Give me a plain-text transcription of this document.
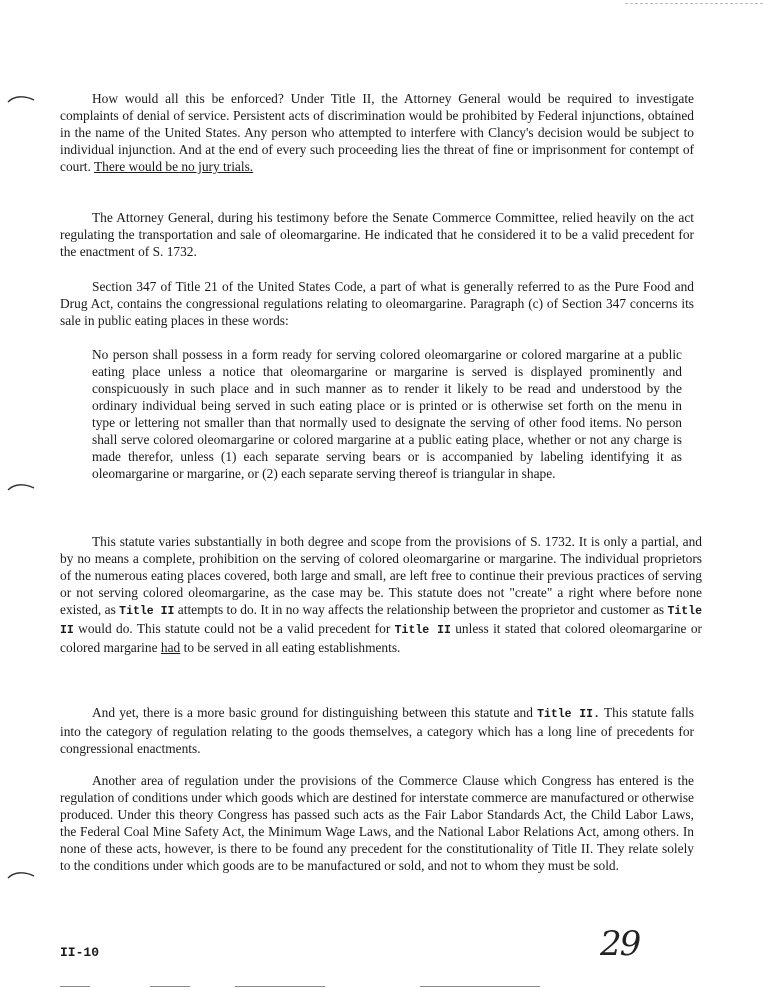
How would all this be enforced? Under Title II, the Attorney General would be required to investigate complaints of denial of service. Persistent acts of discrimination would be prohibited by Federal injunctions, obtained in the name of the United States. Any person who attempted to interfere with Clancy's decision would be subject to individual injunction. And at the end of every such proceeding lies the threat of fine or imprisonment for contempt of court. There would be no jury trials.

The Attorney General, during his testimony before the Senate Commerce Committee, relied heavily on the act regulating the transportation and sale of oleomargarine. He indicated that he considered it to be a valid precedent for the enactment of S. 1732.

Section 347 of Title 21 of the United States Code, a part of what is generally referred to as the Pure Food and Drug Act, contains the congressional regulations relating to oleomargarine. Paragraph (c) of Section 347 concerns its sale in public eating places in these words:

No person shall possess in a form ready for serving colored oleomargarine or colored margarine at a public eating place unless a notice that oleomargarine or margarine is served is displayed prominently and conspicuously in such place and in such manner as to render it likely to be read and understood by the ordinary individual being served in such eating place or is printed or is otherwise set forth on the menu in type or lettering not smaller than that normally used to designate the serving of other food items. No person shall serve colored oleomargarine or colored margarine at a public eating place, whether or not any charge is made therefor, unless (1) each separate serving bears or is accompanied by labeling identifying it as oleomargarine or margarine, or (2) each separate serving thereof is triangular in shape.

This statute varies substantially in both degree and scope from the provisions of S. 1732. It is only a partial, and by no means a complete, prohibition on the serving of colored oleomargarine or margarine. The individual proprietors of the numerous eating places covered, both large and small, are left free to continue their previous practices of serving or not serving colored oleomargarine, as the case may be. This statute does not "create" a right where before none existed, as Title II attempts to do. It in no way affects the relationship between the proprietor and customer as Title II would do. This statute could not be a valid precedent for Title II unless it stated that colored oleomargarine or colored margarine had to be served in all eating establishments.

And yet, there is a more basic ground for distinguishing between this statute and Title II. This statute falls into the category of regulation relating to the goods themselves, a category which has a long line of precedents for congressional enactments.

Another area of regulation under the provisions of the Commerce Clause which Congress has entered is the regulation of conditions under which goods which are destined for interstate commerce are manufactured or otherwise produced. Under this theory Congress has passed such acts as the Fair Labor Standards Act, the Child Labor Laws, the Federal Coal Mine Safety Act, the Minimum Wage Laws, and the National Labor Relations Act, among others. In none of these acts, however, is there to be found any precedent for the constitutionality of Title II. They relate solely to the conditions under which goods are to be manufactured or sold, and not to whom they must be sold.

II-10	29
